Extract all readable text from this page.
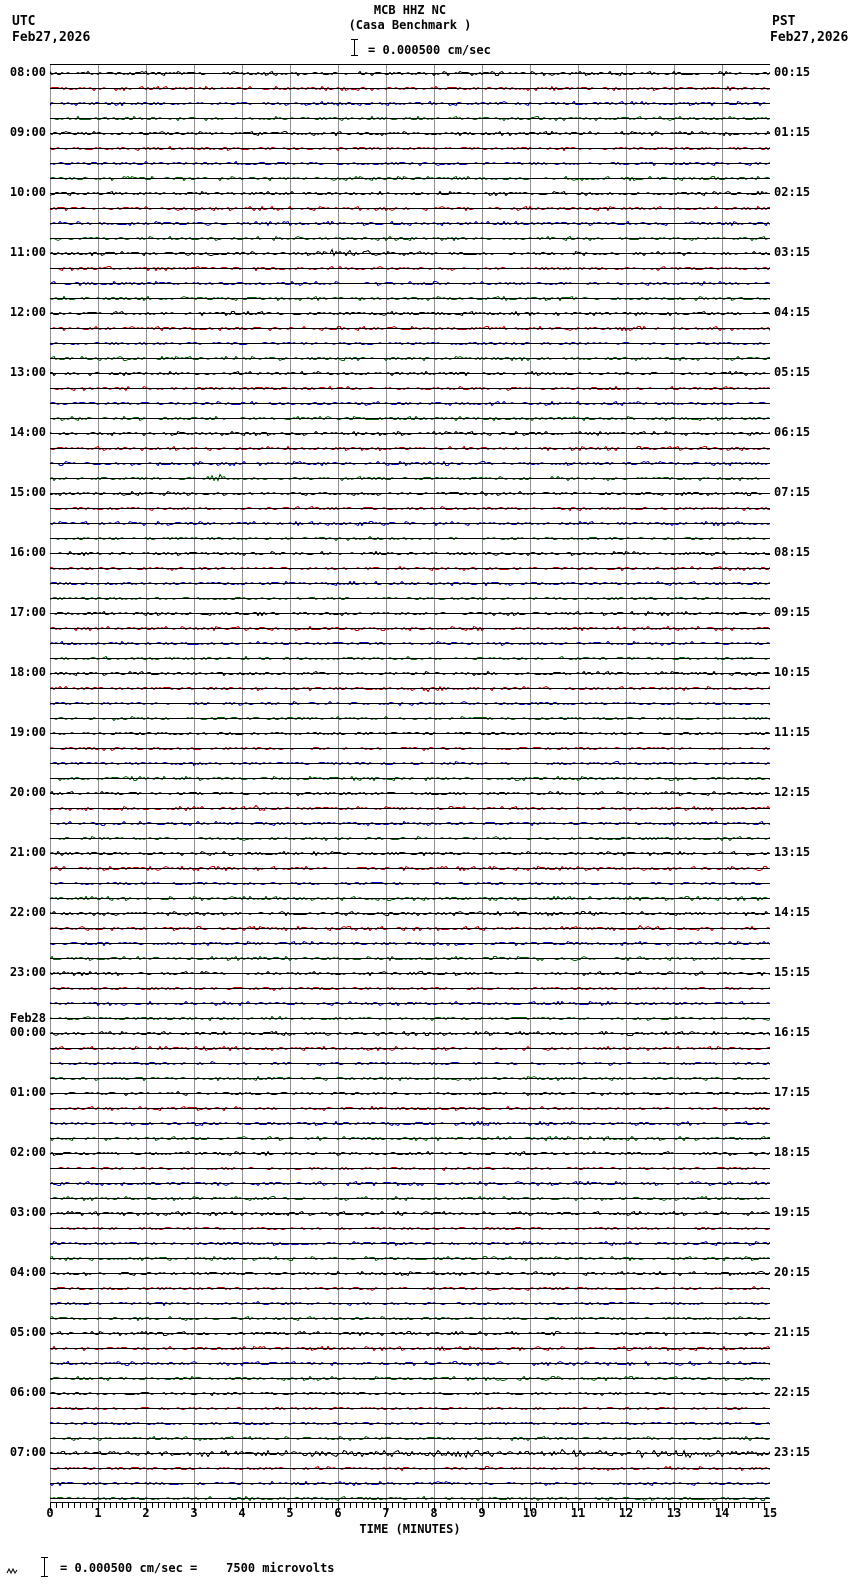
UTC
Feb27,2026
PST
Feb27,2026
MCB HHZ NC
(Casa Benchmark )
= 0.000500 cm/sec
08:00
09:00
10:00
11:00
12:00
13:00
14:00
15:00
16:00
17:00
18:00
19:00
20:00
21:00
22:00
23:00
Feb28
00:00
01:00
02:00
03:00
04:00
05:00
06:00
07:00
00:15
01:15
02:15
03:15
04:15
05:15
06:15
07:15
08:15
09:15
10:15
11:15
12:15
13:15
14:15
15:15
16:15
17:15
18:15
19:15
20:15
21:15
22:15
23:15
0	1	2	3	4	5	6	7	8	9	10	11	12	13	14	15
TIME (MINUTES)
= 0.000500 cm/sec =    7500 microvolts
